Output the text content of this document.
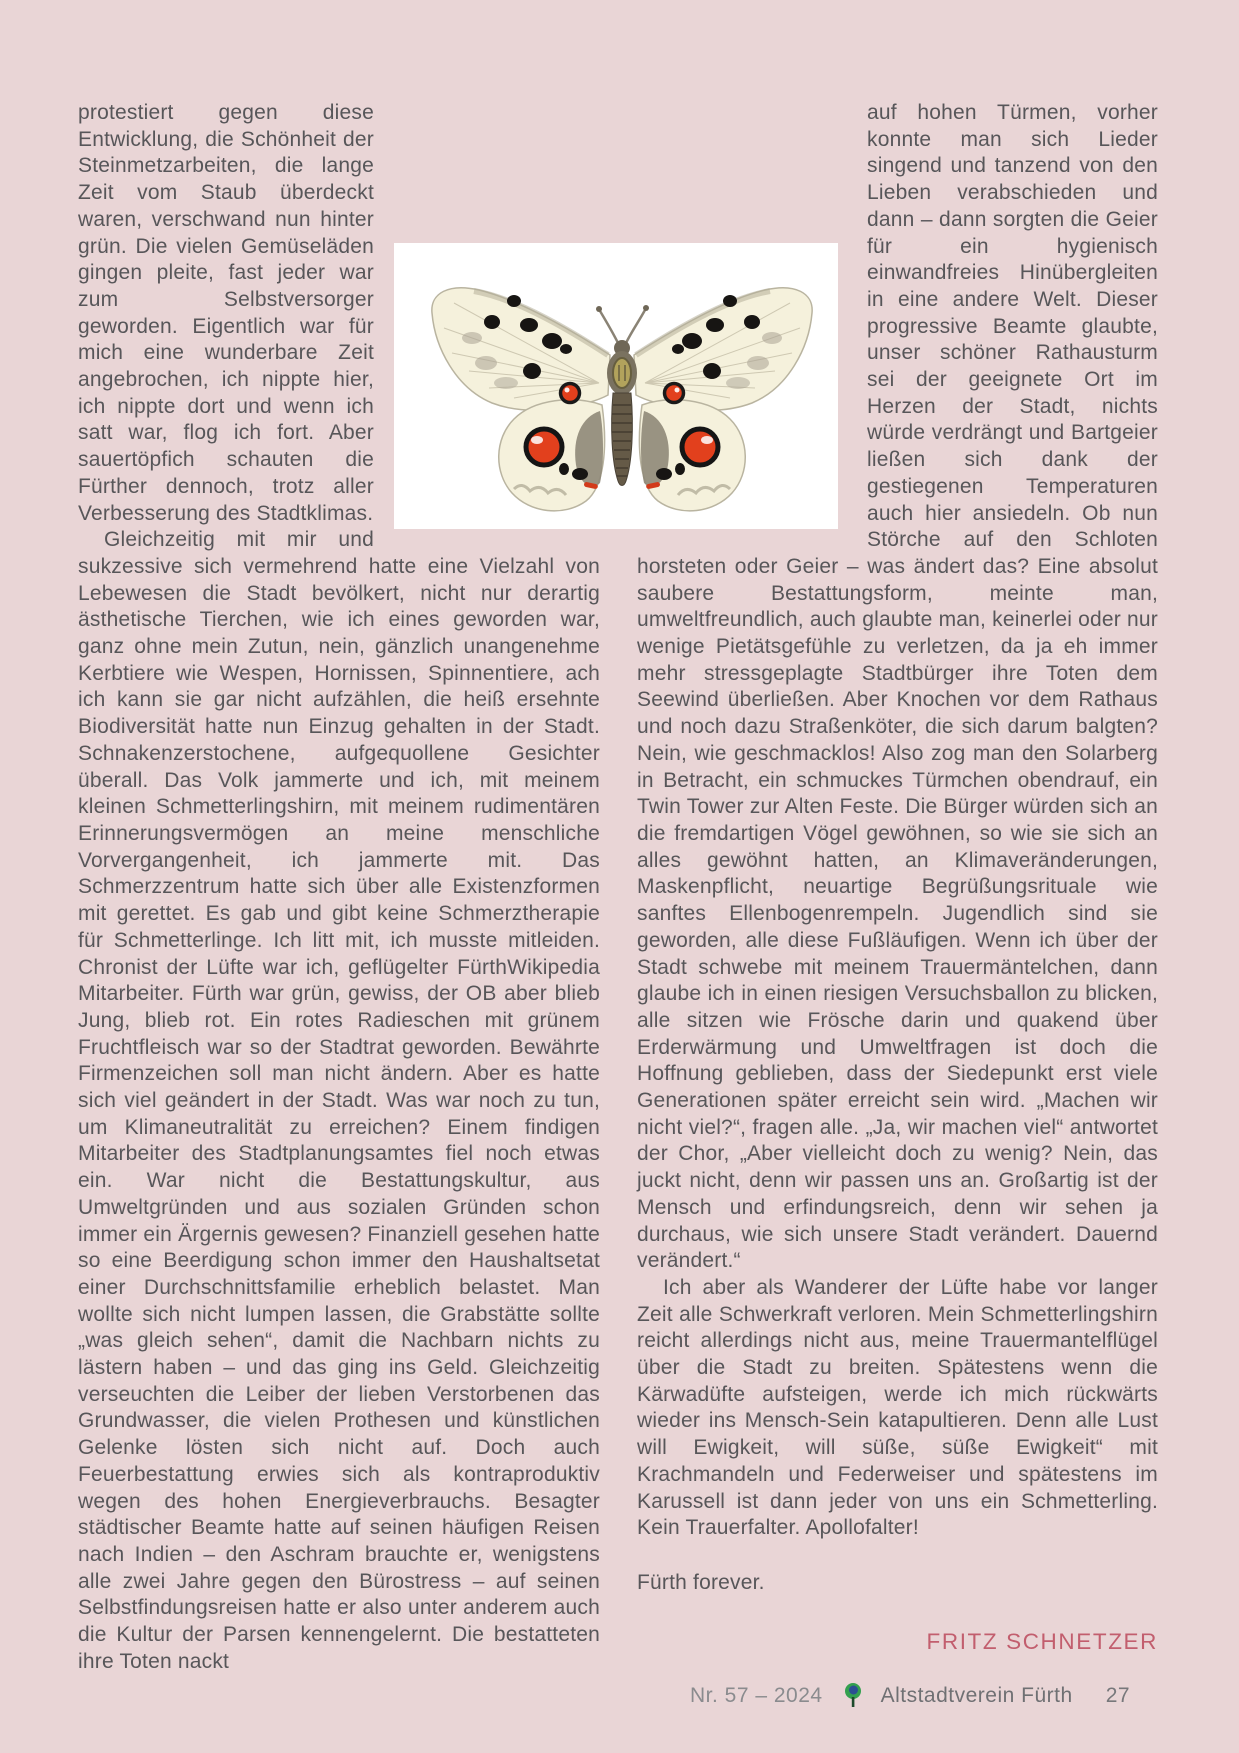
protestiert gegen diese Entwicklung, die Schönheit der Steinmetzarbeiten, die lange Zeit vom Staub überdeckt waren, verschwand nun hinter grün. Die vielen Gemüseläden gingen pleite, fast jeder war zum Selbstversorger geworden. Eigentlich war für mich eine wunderbare Zeit angebrochen, ich nippte hier, ich nippte dort und wenn ich satt war, flog ich fort. Aber sauertöpfich schauten die Fürther dennoch, trotz aller Verbesserung des Stadtklimas.

Gleichzeitig mit mir und sukzessive sich vermehrend hatte eine Vielzahl von Lebewesen die Stadt bevölkert, nicht nur derartig ästhetische Tierchen, wie ich eines geworden war, ganz ohne mein Zutun, nein, gänzlich unangenehme Kerbtiere wie Wespen, Hornissen, Spinnentiere, ach ich kann sie gar nicht aufzählen, die heiß ersehnte Biodiversität hatte nun Einzug gehalten in der Stadt. Schnakenzerstochene, aufgequollene Gesichter überall. Das Volk jammerte und ich, mit meinem kleinen Schmetterlingshirn, mit meinem rudimentären Erinnerungsvermögen an meine menschliche Vorvergangenheit, ich jammerte mit. Das Schmerzzentrum hatte sich über alle Existenzformen mit gerettet. Es gab und gibt keine Schmerztherapie für Schmetterlinge. Ich litt mit, ich musste mitleiden. Chronist der Lüfte war ich, geflügelter FürthWikipedia Mitarbeiter. Fürth war grün, gewiss, der OB aber blieb Jung, blieb rot. Ein rotes Radieschen mit grünem Fruchtfleisch war so der Stadtrat geworden. Bewährte Firmenzeichen soll man nicht ändern. Aber es hatte sich viel geändert in der Stadt. Was war noch zu tun, um Klimaneutralität zu erreichen? Einem findigen Mitarbeiter des Stadtplanungsamtes fiel noch etwas ein. War nicht die Bestattungskultur, aus Umweltgründen und aus sozialen Gründen schon immer ein Ärgernis gewesen? Finanziell gesehen hatte so eine Beerdigung schon immer den Haushaltsetat einer Durchschnittsfamilie erheblich belastet. Man wollte sich nicht lumpen lassen, die Grabstätte sollte „was gleich sehen“, damit die Nachbarn nichts zu lästern haben – und das ging ins Geld. Gleichzeitig verseuchten die Leiber der lieben Verstorbenen das Grundwasser, die vielen Prothesen und künstlichen Gelenke lösten sich nicht auf. Doch auch Feuerbestattung erwies sich als kontraproduktiv wegen des hohen Energieverbrauchs. Besagter städtischer Beamte hatte auf seinen häufigen Reisen nach Indien – den Aschram brauchte er, wenigstens alle zwei Jahre gegen den Bürostress – auf seinen Selbstfindungsreisen hatte er also unter anderem auch die Kultur der Parsen kennengelernt. Die bestatteten ihre Toten nackt

auf hohen Türmen, vorher konnte man sich Lieder singend und tanzend von den Lieben verabschieden und dann – dann sorgten die Geier für ein hygienisch einwandfreies Hinübergleiten in eine andere Welt. Dieser progressive Beamte glaubte, unser schöner Rathausturm sei der geeignete Ort im Herzen der Stadt, nichts würde verdrängt und Bartgeier ließen sich dank der gestiegenen Temperaturen auch hier ansiedeln. Ob nun Störche auf den Schloten horsteten oder Geier – was ändert das? Eine absolut saubere Bestattungsform, meinte man, umweltfreundlich, auch glaubte man, keinerlei oder nur wenige Pietätsgefühle zu verletzen, da ja eh immer mehr stressgeplagte Stadtbürger ihre Toten dem Seewind überließen. Aber Knochen vor dem Rathaus und noch dazu Straßenköter, die sich darum balgten? Nein, wie geschmacklos! Also zog man den Solarberg in Betracht, ein schmuckes Türmchen obendrauf, ein Twin Tower zur Alten Feste. Die Bürger würden sich an die fremdartigen Vögel gewöhnen, so wie sie sich an alles gewöhnt hatten, an Klimaveränderungen, Maskenpflicht, neuartige Begrüßungsrituale wie sanftes Ellenbogenrempeln. Jugendlich sind sie geworden, alle diese Fußläufigen. Wenn ich über der Stadt schwebe mit meinem Trauermäntelchen, dann glaube ich in einen riesigen Versuchsballon zu blicken, alle sitzen wie Frösche darin und quakend über Erderwärmung und Umweltfragen ist doch die Hoffnung geblieben, dass der Siedepunkt erst viele Generationen später erreicht sein wird. „Machen wir nicht viel?“, fragen alle. „Ja, wir machen viel“ antwortet der Chor, „Aber vielleicht doch zu wenig? Nein, das juckt nicht, denn wir passen uns an. Großartig ist der Mensch und erfindungsreich, denn wir sehen ja durchaus, wie sich unsere Stadt verändert. Dauernd verändert.“

Ich aber als Wanderer der Lüfte habe vor langer Zeit alle Schwerkraft verloren. Mein Schmetterlingshirn reicht allerdings nicht aus, meine Trauermantelflügel über die Stadt zu breiten. Spätestens wenn die Kärwadüfte aufsteigen, werde ich mich rückwärts wieder ins Mensch-Sein katapultieren. Denn alle Lust will Ewigkeit, will süße, süße Ewigkeit“ mit Krachmandeln und Federweiser und spätestens im Karussell ist dann jeder von uns ein Schmetterling. Kein Trauerfalter. Apollofalter!

Fürth forever.

FRITZ SCHNETZER

Nr. 57 – 2024	Altstadtverein Fürth 27
